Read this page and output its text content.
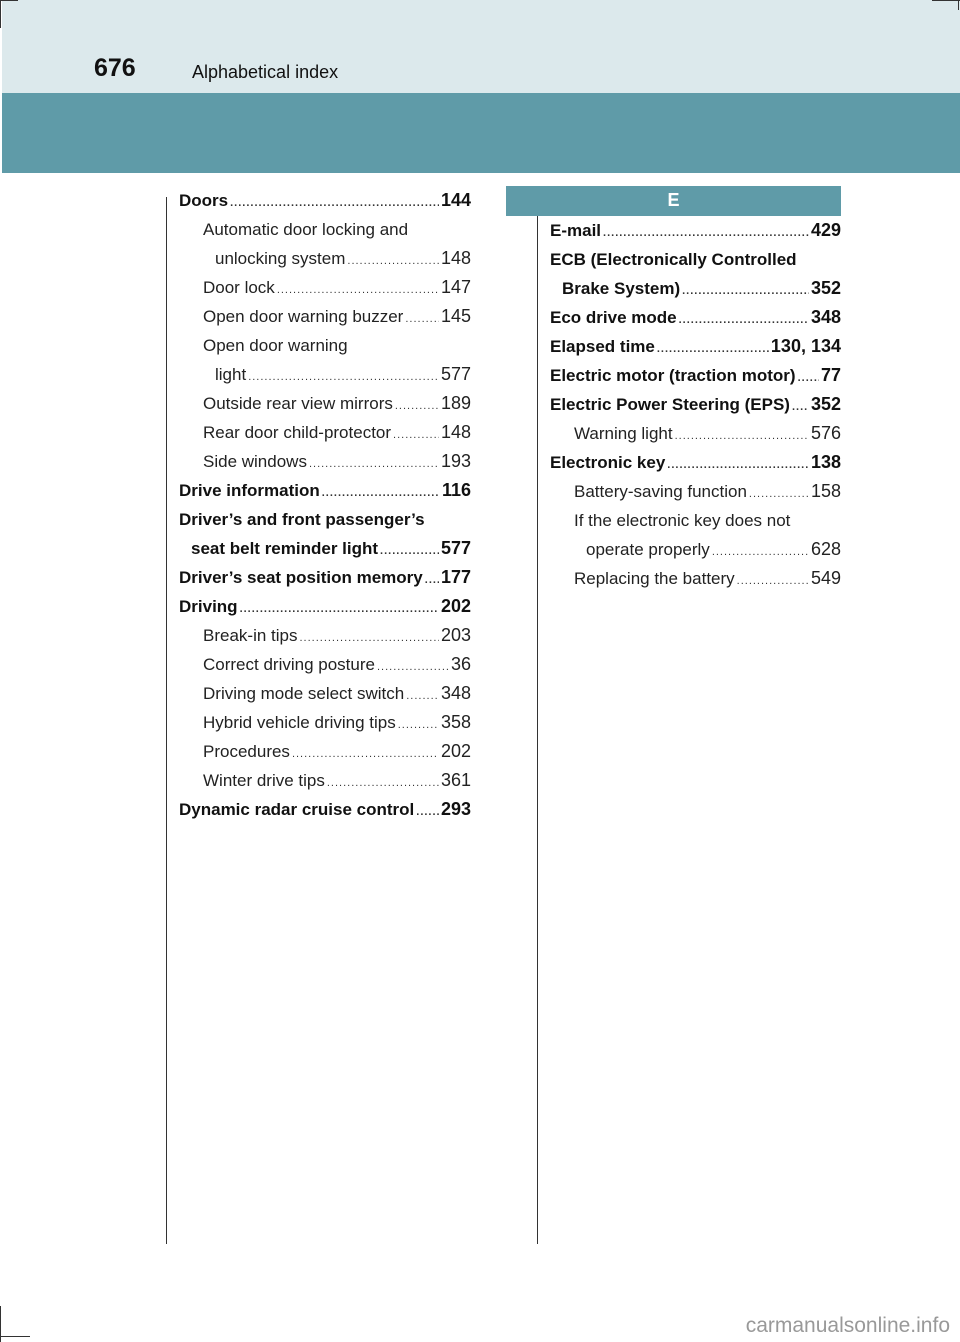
676	Alphabetical index
E
Doors .....	144
Automatic door locking and
unlocking system .....	148
Door lock .....	147
Open door warning buzzer ..... 145
Open door warning
light .....	577
Outside rear view mirrors .....	189
Rear door child-protector .....	148
Side windows .....	193
Drive information .....	116
Driver’s and front passenger’s
seat belt reminder light .....	577
Driver’s seat position memory ..... 177
Driving .....	202
Break-in tips .....	203
Correct driving posture .....	36
Driving mode select switch ..... 348
Hybrid vehicle driving tips .....	358
Procedures .....	202
Winter drive tips .....	361
Dynamic radar cruise control ..... 293
E-mail .....	429
ECB (Electronically Controlled
Brake System) .....	352
Eco drive mode .....	348
Elapsed time .....	130, 134
Electric motor (traction motor) ..... 77
Electric Power Steering (EPS) ..... 352
Warning light .....	576
Electronic key .....	138
Battery-saving function .....	158
If the electronic key does not
operate properly .....	628
Replacing the battery .....	549
carmanualsonline.info
